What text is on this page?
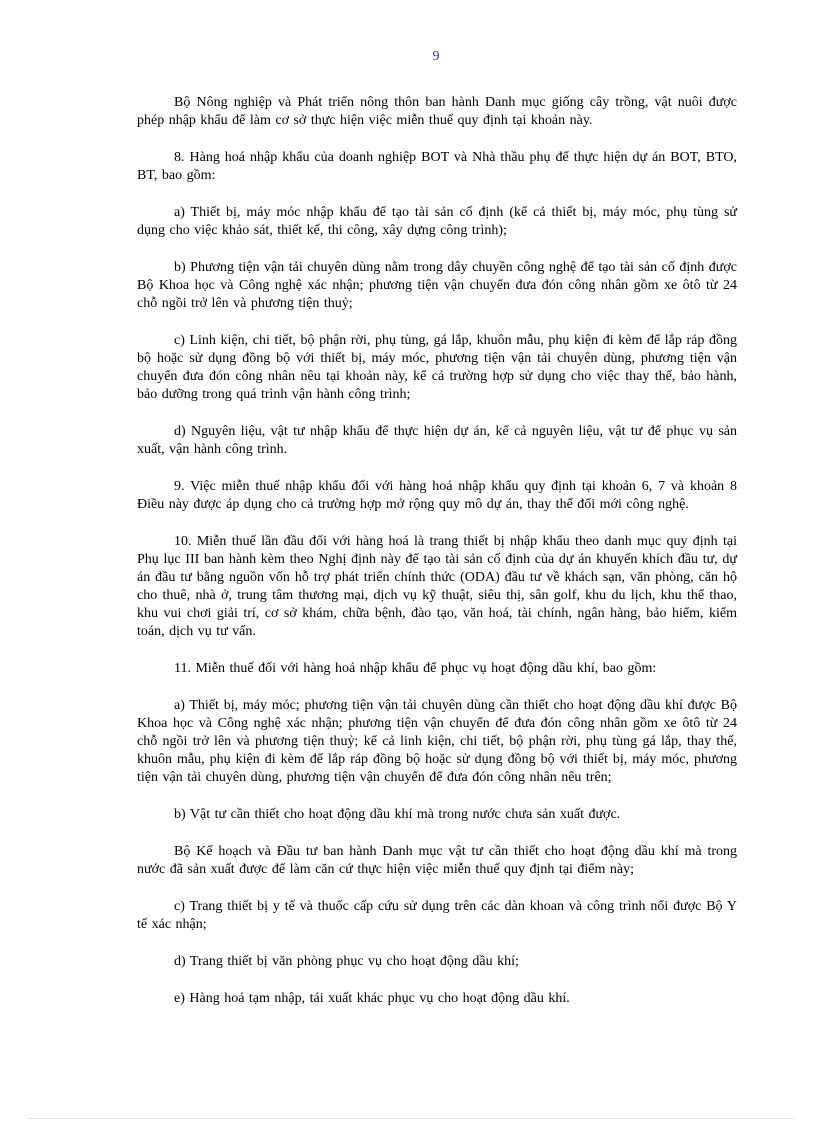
9

Bộ Nông nghiệp và Phát triển nông thôn ban hành Danh mục giống cây trồng, vật nuôi được phép nhập khẩu để làm cơ sở thực hiện việc miễn thuế quy định tại khoản này.

8. Hàng hoá nhập khẩu của doanh nghiệp BOT và Nhà thầu phụ để thực hiện dự án BOT, BTO, BT, bao gồm:

a) Thiết bị, máy móc nhập khẩu để tạo tài sản cố định (kể cả thiết bị, máy móc, phụ tùng sử dụng cho việc khảo sát, thiết kế, thi công, xây dựng công trình);

b) Phương tiện vận tải chuyên dùng nằm trong dây chuyền công nghệ để tạo tài sản cố định được Bộ Khoa học và Công nghệ xác nhận; phương tiện vận chuyển đưa đón công nhân gồm xe ôtô từ 24 chỗ ngồi trở lên và phương tiện thuỷ;

c) Linh kiện, chi tiết, bộ phận rời, phụ tùng, gá lắp, khuôn mẫu, phụ kiện đi kèm để lắp ráp đồng bộ hoặc sử dụng đồng bộ với thiết bị, máy móc, phương tiện vận tải chuyên dùng, phương tiện vận chuyển đưa đón công nhân nêu tại khoản này, kể cả trường hợp sử dụng cho việc thay thế, bảo hành, bảo dưỡng trong quá trình vận hành công trình;

d) Nguyên liệu, vật tư nhập khẩu để thực hiện dự án, kể cả nguyên liệu, vật tư để phục vụ sản xuất, vận hành công trình.

9. Việc miễn thuế nhập khẩu đối với hàng hoá nhập khẩu quy định tại khoản 6, 7 và khoản 8 Điều này được áp dụng cho cả trường hợp mở rộng quy mô dự án, thay thế đổi mới công nghệ.

10. Miễn thuế lần đầu đối với hàng hoá là trang thiết bị nhập khẩu theo danh mục quy định tại Phụ lục III ban hành kèm theo Nghị định này để tạo tài sản cố định của dự án khuyến khích đầu tư, dự án đầu tư bằng nguồn vốn hỗ trợ phát triển chính thức (ODA) đầu tư về khách sạn, văn phòng, căn hộ cho thuê, nhà ở, trung tâm thương mại, dịch vụ kỹ thuật, siêu thị, sân golf, khu du lịch, khu thể thao, khu vui chơi giải trí, cơ sở khám, chữa bệnh, đào tạo, văn hoá, tài chính, ngân hàng, bảo hiểm, kiểm toán, dịch vụ tư vấn.

11. Miễn thuế đối với hàng hoá nhập khẩu để phục vụ hoạt động dầu khí, bao gồm:

a) Thiết bị, máy móc; phương tiện vận tải chuyên dùng cần thiết cho hoạt động dầu khí được Bộ Khoa học và Công nghệ xác nhận; phương tiện vận chuyển để đưa đón công nhân gồm xe ôtô từ 24 chỗ ngồi trở lên và phương tiện thuỷ; kể cả linh kiện, chi tiết, bộ phận rời, phụ tùng gá lắp, thay thế, khuôn mẫu, phụ kiện đi kèm để lắp ráp đồng bộ hoặc sử dụng đồng bộ với thiết bị, máy móc, phương tiện vận tải chuyên dùng, phương tiện vận chuyển để đưa đón công nhân nêu trên;

b) Vật tư cần thiết cho hoạt động dầu khí mà trong nước chưa sản xuất được.

Bộ Kế hoạch và Đầu tư ban hành Danh mục vật tư cần thiết cho hoạt động dầu khí mà trong nước đã sản xuất được để làm căn cứ thực hiện việc miễn thuế quy định tại điểm này;

c) Trang thiết bị y tế và thuốc cấp cứu sử dụng trên các dàn khoan và công trình nổi được Bộ Y tế xác nhận;

d) Trang thiết bị văn phòng phục vụ cho hoạt động dầu khí;

e) Hàng hoá tạm nhập, tái xuất khác phục vụ cho hoạt động dầu khí.
